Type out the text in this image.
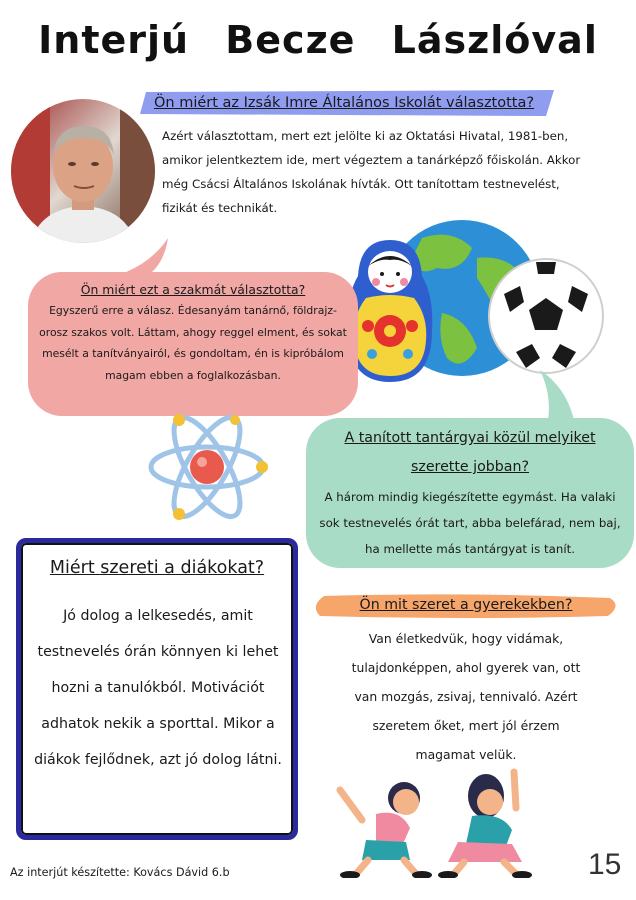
Interjú Becze Lászlóval
Ön miért az Izsák Imre Általános Iskolát választotta?
Azért választottam, mert ezt jelölte ki az Oktatási Hivatal, 1981-ben, amikor jelentkeztem ide, mert végeztem a tanárképző főiskolán. Akkor még Csácsi Általános Iskolának hívták. Ott tanítottam testnevelést, fizikát és technikát.
Ön miért ezt a szakmát választotta?
Egyszerű erre a válasz. Édesanyám tanárnő, földrajz-orosz szakos volt. Láttam, ahogy reggel elment, és sokat mesélt a tanítványairól, és gondoltam, én is kipróbálom magam ebben a foglalkozásban.
A tanított tantárgyai közül melyiket szerette jobban?
A három mindig kiegészítette egymást. Ha valaki sok testnevelés órát tart, abba belefárad, nem baj, ha mellette más tantárgyat is tanít.
Miért szereti a diákokat?
Jó dolog a lelkesedés, amit testnevelés órán könnyen ki lehet hozni a tanulókból. Motivációt adhatok nekik a sporttal. Mikor a diákok fejlődnek, azt jó dolog látni.
Ön mit szeret a gyerekekben?
Van életkedvük, hogy vidámak, tulajdonképpen, ahol gyerek van, ott van mozgás, zsivaj, tennivaló. Azért szeretem őket, mert jól érzem magamat velük.
Az interjút készítette: Kovács Dávid 6.b	15
